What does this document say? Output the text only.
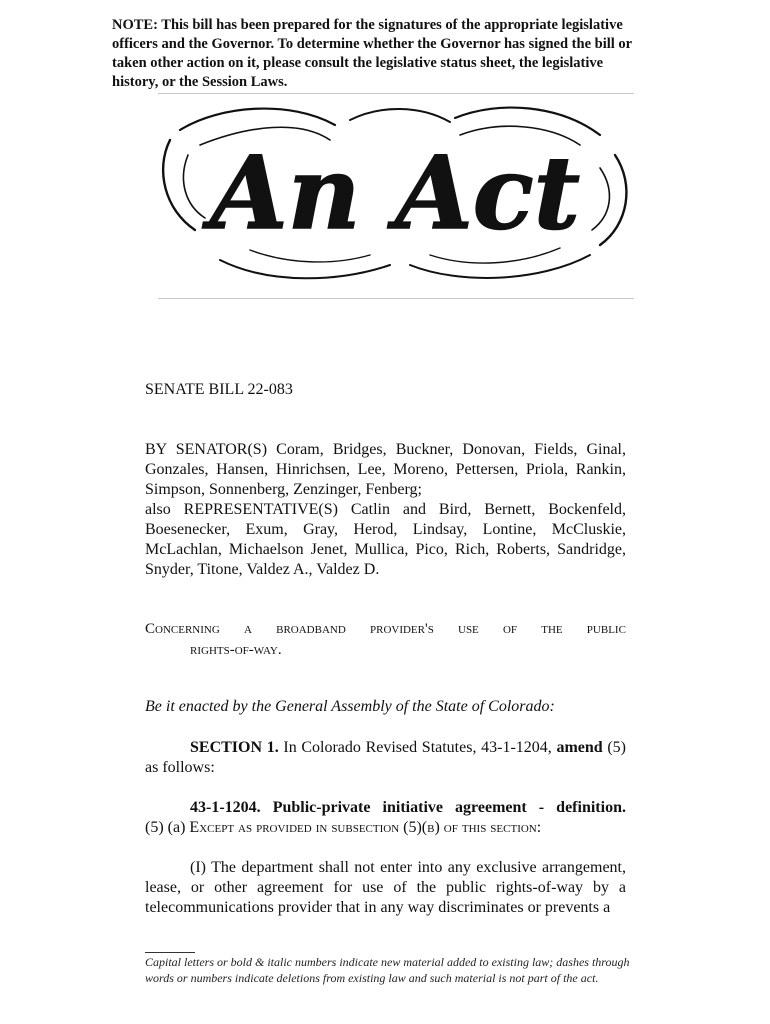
NOTE: This bill has been prepared for the signatures of the appropriate legislative officers and the Governor. To determine whether the Governor has signed the bill or taken other action on it, please consult the legislative status sheet, the legislative history, or the Session Laws.
An Act
SENATE BILL 22-083

BY SENATOR(S) Coram, Bridges, Buckner, Donovan, Fields, Ginal, Gonzales, Hansen, Hinrichsen, Lee, Moreno, Pettersen, Priola, Rankin, Simpson, Sonnenberg, Zenzinger, Fenberg;

also REPRESENTATIVE(S) Catlin and Bird, Bernett, Bockenfeld, Boesenecker, Exum, Gray, Herod, Lindsay, Lontine, McCluskie, McLachlan, Michaelson Jenet, Mullica, Pico, Rich, Roberts, Sandridge, Snyder, Titone, Valdez A., Valdez D.

Concerning a broadband provider's use of the public
rights-of-way.
Be it enacted by the General Assembly of the State of Colorado:

SECTION 1. In Colorado Revised Statutes, 43-1-1204, amend (5) as follows:

43-1-1204. Public-private initiative agreement - definition.
(5) (a) Except as provided in subsection (5)(b) of this section:

(I) The department shall not enter into any exclusive arrangement, lease, or other agreement for use of the public rights-of-way by a telecommunications provider that in any way discriminates or prevents a

Capital letters or bold & italic numbers indicate new material added to existing law; dashes through words or numbers indicate deletions from existing law and such material is not part of the act.
